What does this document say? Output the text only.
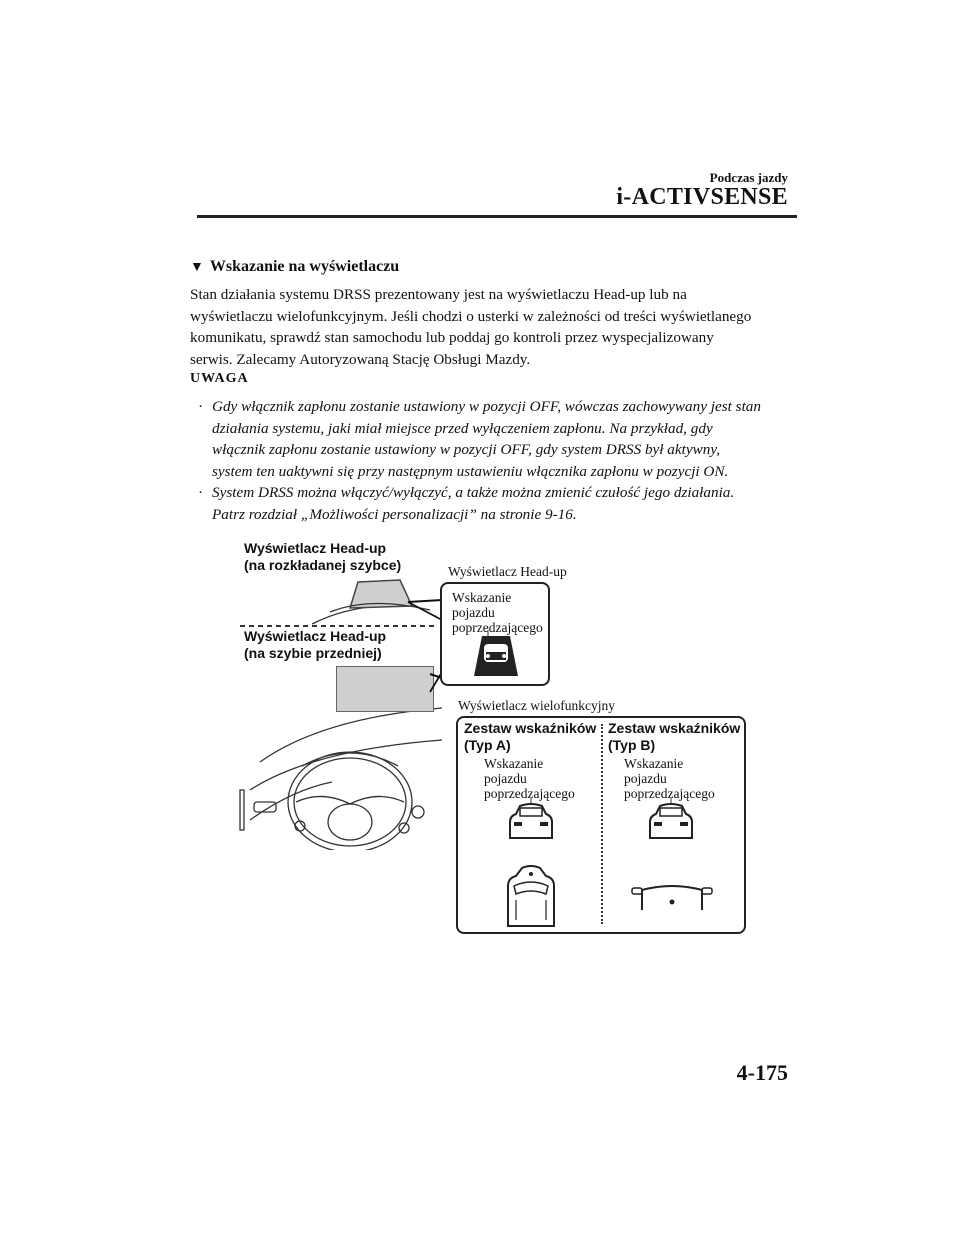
Podczas jazdy
i-ACTIVSENSE
▼ Wskazanie na wyświetlaczu
Stan działania systemu DRSS prezentowany jest na wyświetlaczu Head-up lub na
wyświetlaczu wielofunkcyjnym. Jeśli chodzi o usterki w zależności od treści wyświetlanego
komunikatu, sprawdź stan samochodu lub poddaj go kontroli przez wyspecjalizowany
serwis. Zalecamy Autoryzowaną Stację Obsługi Mazdy.
UWAGA
· Gdy włącznik zapłonu zostanie ustawiony w pozycji OFF, wówczas zachowywany jest stan
działania systemu, jaki miał miejsce przed wyłączeniem zapłonu. Na przykład, gdy
włącznik zapłonu zostanie ustawiony w pozycji OFF, gdy system DRSS był aktywny,
system ten uaktywni się przy następnym ustawieniu włącznika zapłonu w pozycji ON.
· System DRSS można włączyć/wyłączyć, a także można zmienić czułość jego działania.
Patrz rozdział „Możliwości personalizacji” na stronie 9-16.
Wyświetlacz Head-up
(na rozkładanej szybce)
Wyświetlacz Head-up
(na szybie przedniej)
Wyświetlacz Head-up
Wskazanie
pojazdu
poprzedzającego
Wyświetlacz wielofunkcyjny
Zestaw wskaźników
(Typ A)
Wskazanie
pojazdu
poprzedzającego
Zestaw wskaźników
(Typ B)
Wskazanie
pojazdu
poprzedzającego
4-175
